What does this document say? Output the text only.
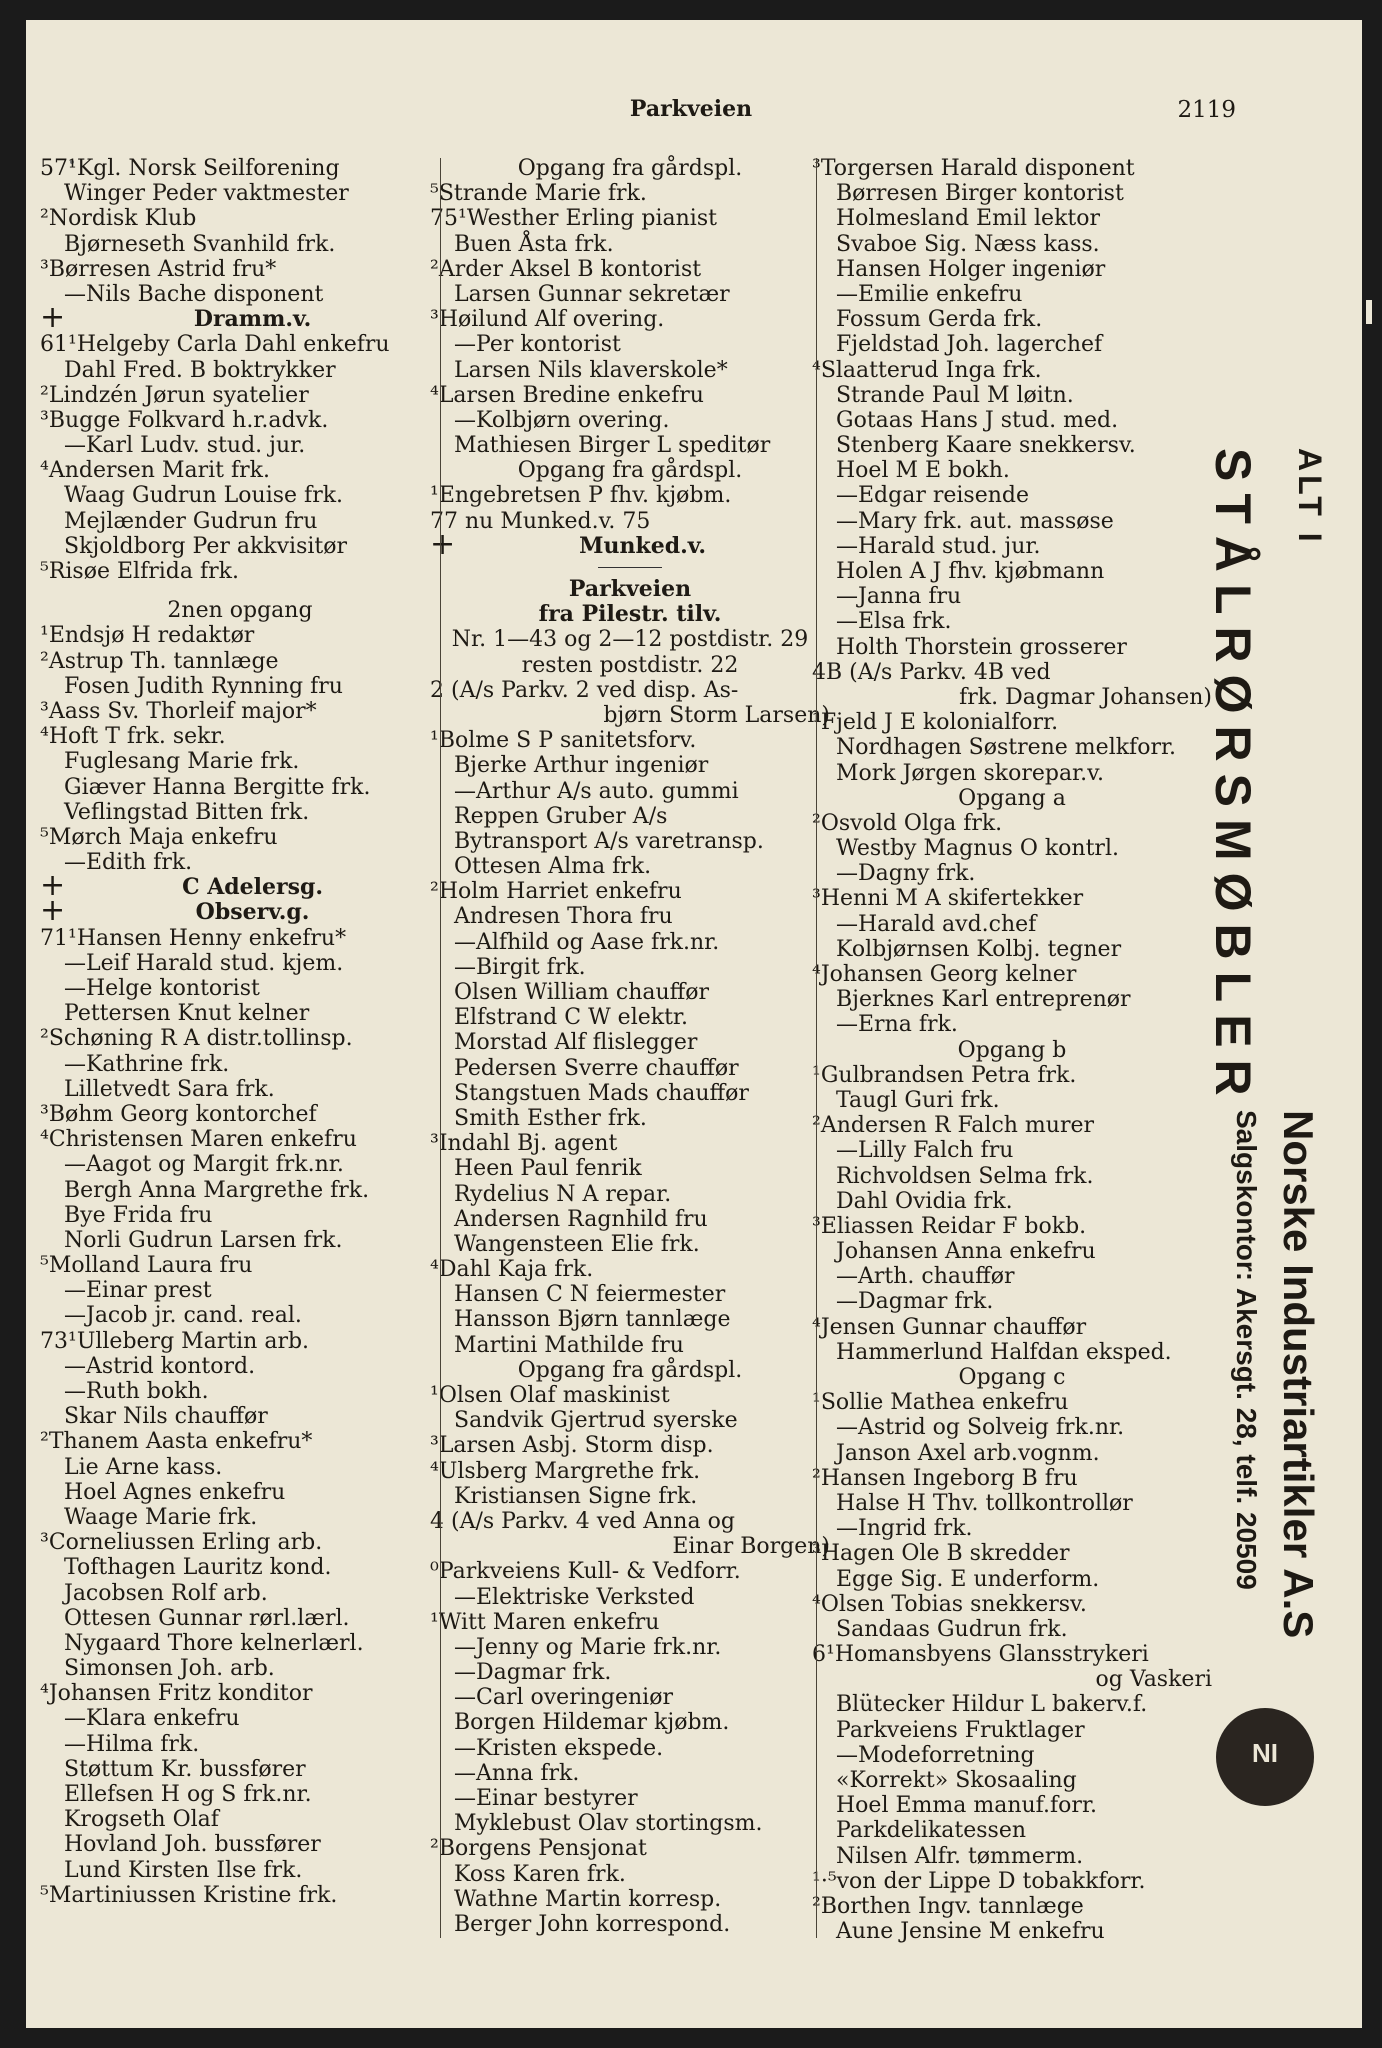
Parkveien	2119
57¹Kgl. Norsk Seilforening
Winger Peder vaktmester
²Nordisk Klub
Bjørneseth Svanhild frk.
³Børresen Astrid fru*
—Nils Bache disponent
+	Dramm.v.
61¹Helgeby Carla Dahl enkefru
Dahl Fred. B boktrykker
²Lindzén Jørun syatelier
³Bugge Folkvard h.r.advk.
—Karl Ludv. stud. jur.
⁴Andersen Marit frk.
Waag Gudrun Louise frk.
Mejlænder Gudrun fru
Skjoldborg Per akkvisitør
⁵Risøe Elfrida frk.
2nen opgang
¹Endsjø H redaktør
²Astrup Th. tannlæge
Fosen Judith Rynning fru
³Aass Sv. Thorleif major*
⁴Hoft T frk. sekr.
Fuglesang Marie frk.
Giæver Hanna Bergitte frk.
Veflingstad Bitten frk.
⁵Mørch Maja enkefru
—Edith frk.
+	C Adelersg.
+	Observ.g.
71¹Hansen Henny enkefru*
—Leif Harald stud. kjem.
—Helge kontorist
Pettersen Knut kelner
²Schøning R A distr.tollinsp.
—Kathrine frk.
Lilletvedt Sara frk.
³Bøhm Georg kontorchef
⁴Christensen Maren enkefru
—Aagot og Margit frk.nr.
Bergh Anna Margrethe frk.
Bye Frida fru
Norli Gudrun Larsen frk.
⁵Molland Laura fru
—Einar prest
—Jacob jr. cand. real.
73¹Ulleberg Martin arb.
—Astrid kontord.
—Ruth bokh.
Skar Nils chauffør
²Thanem Aasta enkefru*
Lie Arne kass.
Hoel Agnes enkefru
Waage Marie frk.
³Corneliussen Erling arb.
Tofthagen Lauritz kond.
Jacobsen Rolf arb.
Ottesen Gunnar rørl.lærl.
Nygaard Thore kelnerlærl.
Simonsen Joh. arb.
⁴Johansen Fritz konditor
—Klara enkefru
—Hilma frk.
Støttum Kr. bussfører
Ellefsen H og S frk.nr.
Krogseth Olaf
Hovland Joh. bussfører
Lund Kirsten Ilse frk.
⁵Martiniussen Kristine frk.
Opgang fra gårdspl.
⁵Strande Marie frk.
75¹Westher Erling pianist
Buen Åsta frk.
²Arder Aksel B kontorist
Larsen Gunnar sekretær
³Høilund Alf overing.
—Per kontorist
Larsen Nils klaverskole*
⁴Larsen Bredine enkefru
—Kolbjørn overing.
Mathiesen Birger L speditør
Opgang fra gårdspl.
¹Engebretsen P fhv. kjøbm.
77 nu Munked.v. 75
+	Munked.v.
Parkveien
fra Pilestr. tilv.
Nr. 1—43 og 2—12 postdistr. 29
resten postdistr. 22
2 (A/s Parkv. 2 ved disp. As-
bjørn Storm Larsen)
¹Bolme S P sanitetsforv.
Bjerke Arthur ingeniør
—Arthur A/s auto. gummi
Reppen Gruber A/s
Bytransport A/s varetransp.
Ottesen Alma frk.
²Holm Harriet enkefru
Andresen Thora fru
—Alfhild og Aase frk.nr.
—Birgit frk.
Olsen William chauffør
Elfstrand C W elektr.
Morstad Alf flislegger
Pedersen Sverre chauffør
Stangstuen Mads chauffør
Smith Esther frk.
³Indahl Bj. agent
Heen Paul fenrik
Rydelius N A repar.
Andersen Ragnhild fru
Wangensteen Elie frk.
⁴Dahl Kaja frk.
Hansen C N feiermester
Hansson Bjørn tannlæge
Martini Mathilde fru
Opgang fra gårdspl.
¹Olsen Olaf maskinist
Sandvik Gjertrud syerske
³Larsen Asbj. Storm disp.
⁴Ulsberg Margrethe frk.
Kristiansen Signe frk.
4 (A/s Parkv. 4 ved Anna og
Einar Borgen)
⁰Parkveiens Kull- & Vedforr.
—Elektriske Verksted
¹Witt Maren enkefru
—Jenny og Marie frk.nr.
—Dagmar frk.
—Carl overingeniør
Borgen Hildemar kjøbm.
—Kristen ekspede.
—Anna frk.
—Einar bestyrer
Myklebust Olav stortingsm.
²Borgens Pensjonat
Koss Karen frk.
Wathne Martin korresp.
Berger John korrespond.
³Torgersen Harald disponent
Børresen Birger kontorist
Holmesland Emil lektor
Svaboe Sig. Næss kass.
Hansen Holger ingeniør
—Emilie enkefru
Fossum Gerda frk.
Fjeldstad Joh. lagerchef
⁴Slaatterud Inga frk.
Strande Paul M løitn.
Gotaas Hans J stud. med.
Stenberg Kaare snekkersv.
Hoel M E bokh.
—Edgar reisende
—Mary frk. aut. massøse
—Harald stud. jur.
Holen A J fhv. kjøbmann
—Janna fru
—Elsa frk.
Holth Thorstein grosserer
4B (A/s Parkv. 4B ved
frk. Dagmar Johansen)
¹Fjeld J E kolonialforr.
Nordhagen Søstrene melkforr.
Mork Jørgen skorepar.v.
Opgang a
²Osvold Olga frk.
Westby Magnus O kontrl.
—Dagny frk.
³Henni M A skifertekker
—Harald avd.chef
Kolbjørnsen Kolbj. tegner
⁴Johansen Georg kelner
Bjerknes Karl entreprenør
—Erna frk.
Opgang b
¹Gulbrandsen Petra frk.
Taugl Guri frk.
²Andersen R Falch murer
—Lilly Falch fru
Richvoldsen Selma frk.
Dahl Ovidia frk.
³Eliassen Reidar F bokb.
Johansen Anna enkefru
—Arth. chauffør
—Dagmar frk.
⁴Jensen Gunnar chauffør
Hammerlund Halfdan eksped.
Opgang c
¹Sollie Mathea enkefru
—Astrid og Solveig frk.nr.
Janson Axel arb.vognm.
²Hansen Ingeborg B fru
Halse H Thv. tollkontrollør
—Ingrid frk.
³Hagen Ole B skredder
Egge Sig. E underform.
⁴Olsen Tobias snekkersv.
Sandaas Gudrun frk.
6¹Homansbyens Glansstrykeri
og Vaskeri
Blütecker Hildur L bakerv.f.
Parkveiens Fruktlager
—Modeforretning
«Korrekt» Skosaaling
Hoel Emma manuf.forr.
Parkdelikatessen
Nilsen Alfr. tømmerm.
¹·⁵von der Lippe D tobakkforr.
²Borthen Ingv. tannlæge
Aune Jensine M enkefru
ALT I
STÅLRØRSMØBLER
Norske Industriartikler A.S
Salgskontor: Akersgt. 28, telf. 20509
NI
